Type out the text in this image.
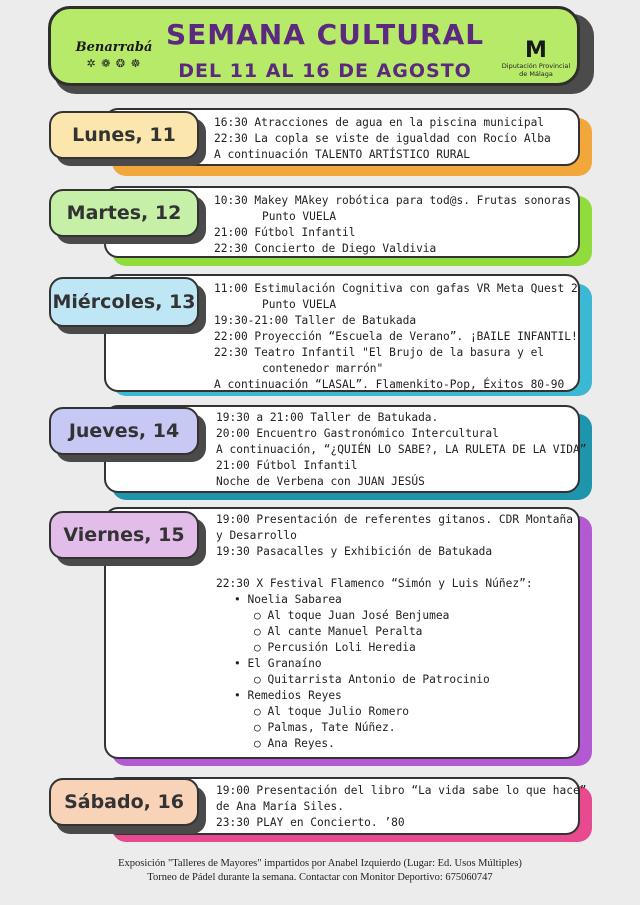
Benarrabá
✲ ❁ ❂ ☸
SEMANA CULTURAL
DEL 11 AL 16 DE AGOSTO
M
Diputación Provincial
de Málaga
16:30 Atracciones de agua en la piscina municipal
22:30 La copla se viste de igualdad con Rocío Alba
A continuación TALENTO ARTÍSTICO RURAL
Lunes, 11
10:30 Makey MAkey robótica para tod@s. Frutas sonoras
Punto VUELA
21:00 Fútbol Infantil
22:30 Concierto de Diego Valdivia
Martes, 12
11:00 Estimulación Cognitiva con gafas VR Meta Quest 2
Punto VUELA
19:30-21:00 Taller de Batukada
22:00 Proyección “Escuela de Verano”. ¡BAILE INFANTIL!
22:30 Teatro Infantil "El Brujo de la basura y el
contenedor marrón"
A continuación “LASAL”. Flamenkito-Pop, Éxitos 80-90
Miércoles, 13
19:30 a 21:00 Taller de Batukada.
20:00 Encuentro Gastronómico Intercultural
A continuación, “¿QUIÉN LO SABE?, LA RULETA DE LA VIDA”
21:00 Fútbol Infantil
Noche de Verbena con JUAN JESÚS
Jueves, 14
19:00 Presentación de referentes gitanos. CDR Montaña
y Desarrollo
19:30 Pasacalles y Exhibición de Batukada
22:30 X Festival Flamenco “Simón y Luis Núñez”:
• Noelia Sabarea
○ Al toque Juan José Benjumea
○ Al cante Manuel Peralta
○ Percusión Loli Heredia
• El Granaíno
○ Quitarrista Antonio de Patrocinio
• Remedios Reyes
○ Al toque Julio Romero
○ Palmas, Tate Núñez.
○ Ana Reyes.
Viernes, 15
19:00 Presentación del libro “La vida sabe lo que hace”
de Ana María Siles.
23:30 PLAY en Concierto. ’80
Sábado, 16
Exposición "Talleres de Mayores" impartidos por Anabel Izquierdo (Lugar: Ed. Usos Múltiples)
Torneo de Pádel durante la semana. Contactar con Monitor Deportivo: 675060747
